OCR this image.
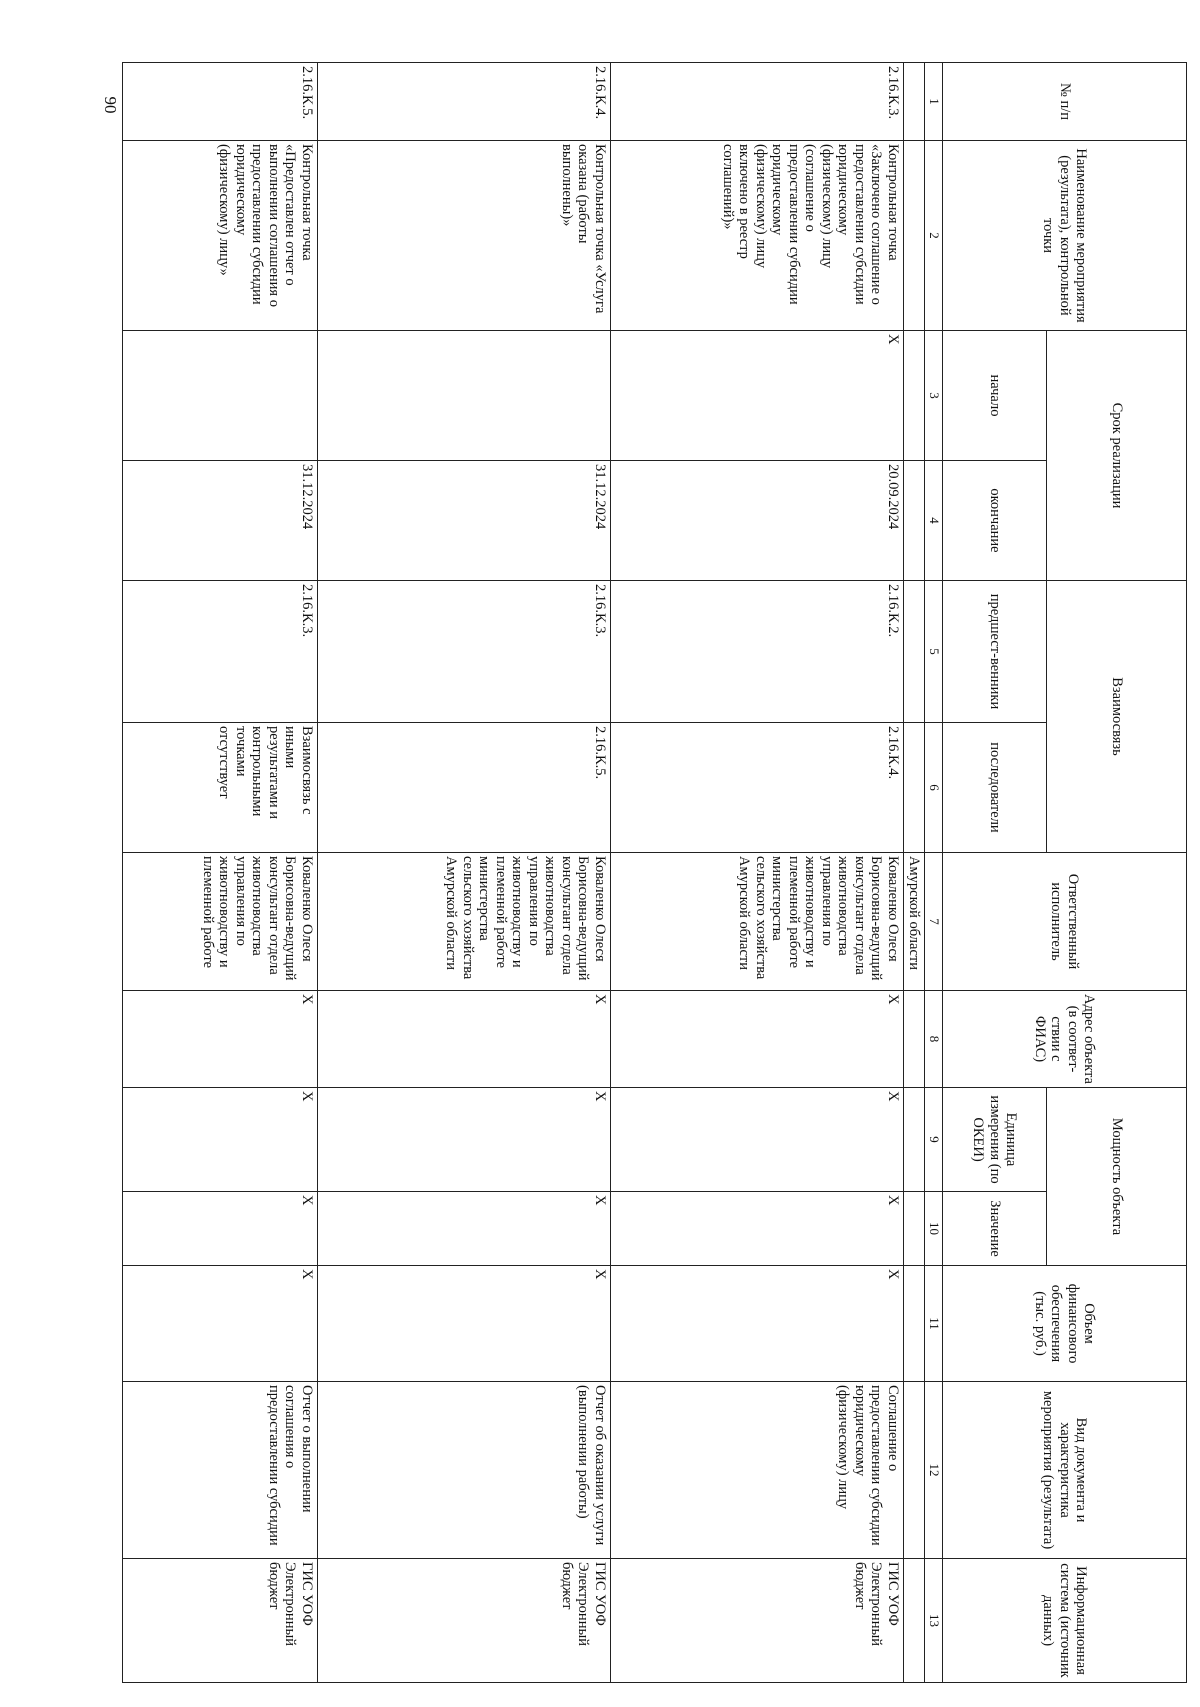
90	№ п/п	Наименование мероприятия (результата), контрольной точки	Срок реализации		Взаимосвязь		Ответственный исполнитель	Адрес объекта (в соответ-ствии с ФИАС)	Мощность объекта		Объем финансового обеспечения (тыс. руб.)	Вид документа и характеристика мероприятия (результата)	Информационная система (источник данных)
		начало	окончание	предшест-венники	последователи			Единица измерения (по ОКЕИ)	Значение			
1	2	3	4	5	6	7	8	9	10	11	12	13
						Амурской области						
2.16.К.3.	Контрольная точка «Заключено соглашение о предоставлении субсидии юридическому (физическому) лицу (соглашение о предоставлении субсидии юридическому (физическому) лицу включено в реестр соглашений)»	X	20.09.2024	2.16.К.2.	2.16.К.4.	Коваленко Олеся Борисовна-ведущий консультант отдела животноводства управления по животноводству и племенной работе министерства сельского хозяйства Амурской области	X	X	X	X	Соглашение о предоставлении субсидии юридическому (физическому) лицу	ГИС УОФ Электронный бюджет
2.16.К.4.	Контрольная точка «Услуга оказана (работы выполнены)»		31.12.2024	2.16.К.3.	2.16.К.5.	Коваленко Олеся Борисовна-ведущий консультант отдела животноводства управления по животноводству и племенной работе министерства сельского хозяйства Амурской области	X	X	X	X	Отчет об оказании услуги (выполнении работы)	ГИС УОФ Электронный бюджет
2.16.К.5.	Контрольная точка «Предоставлен отчет о выполнении соглашения о предоставлении субсидии юридическому (физическому) лицу»		31.12.2024	2.16.К.3.	Взаимосвязь с иными результатами и контрольными точками отсутствует	Коваленко Олеся Борисовна-ведущий консультант отдела животноводства управления по животноводству и племенной работе	X	X	X	X	Отчет о выполнении соглашения о предоставлении субсидии	ГИС УОФ Электронный бюджет
